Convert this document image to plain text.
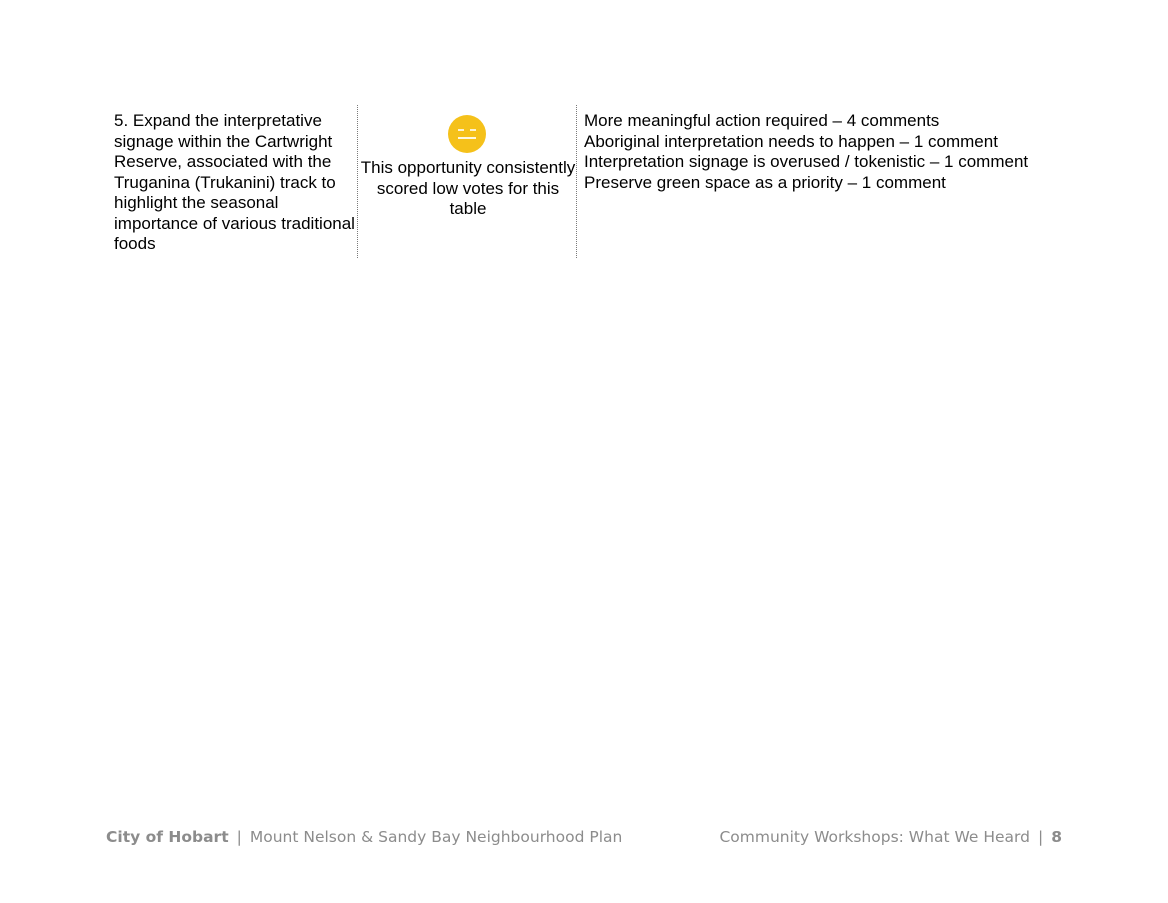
5. Expand the interpretative signage within the Cartwright Reserve, associated with the Truganina (Trukanini) track to highlight the seasonal importance of various traditional foods
This opportunity consistently scored low votes for this table
More meaningful action required – 4 comments
Aboriginal interpretation needs to happen – 1 comment
Interpretation signage is overused / tokenistic – 1 comment
Preserve green space as a priority – 1 comment
City of Hobart | Mount Nelson & Sandy Bay Neighbourhood Plan	Community Workshops: What We Heard | 8
